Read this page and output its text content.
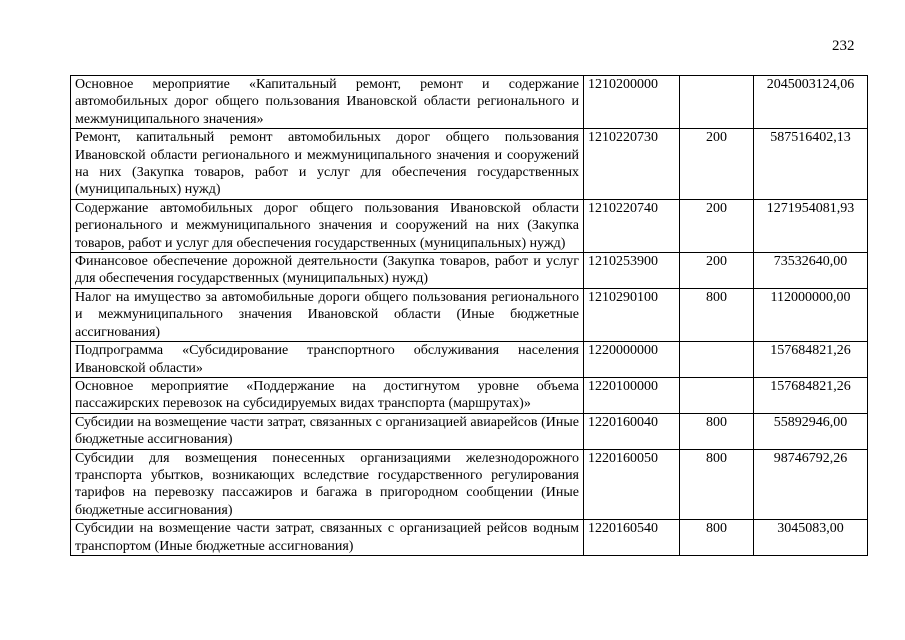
232
Основное мероприятие «Капитальный ремонт, ремонт и содержание автомобильных дорог общего пользования Ивановской области регионального и межмуниципального значения»	1210200000		2045003124,06
Ремонт, капитальный ремонт автомобильных дорог общего пользования Ивановской области регионального и межмуниципального значения и сооружений на них (Закупка товаров, работ и услуг для обеспечения государственных (муниципальных) нужд)	1210220730	200	587516402,13
Содержание автомобильных дорог общего пользования Ивановской области регионального и межмуниципального значения и сооружений на них (Закупка товаров, работ и услуг для обеспечения государственных (муниципальных) нужд)	1210220740	200	1271954081,93
Финансовое обеспечение дорожной деятельности (Закупка товаров, работ и услуг для обеспечения государственных (муниципальных) нужд)	1210253900	200	73532640,00
Налог на имущество за автомобильные дороги общего пользования регионального и межмуниципального значения Ивановской области (Иные бюджетные ассигнования)	1210290100	800	112000000,00
Подпрограмма «Субсидирование транспортного обслуживания населения Ивановской области»	1220000000		157684821,26
Основное мероприятие «Поддержание на достигнутом уровне объема пассажирских перевозок на субсидируемых видах транспорта (маршрутах)»	1220100000		157684821,26
Субсидии на возмещение части затрат, связанных с организацией авиарейсов (Иные бюджетные ассигнования)	1220160040	800	55892946,00
Субсидии для возмещения понесенных организациями железнодорожного транспорта убытков, возникающих вследствие государственного регулирования тарифов на перевозку пассажиров и багажа в пригородном сообщении (Иные бюджетные ассигнования)	1220160050	800	98746792,26
Субсидии на возмещение части затрат, связанных с организацией рейсов водным транспортом (Иные бюджетные ассигнования)	1220160540	800	3045083,00
